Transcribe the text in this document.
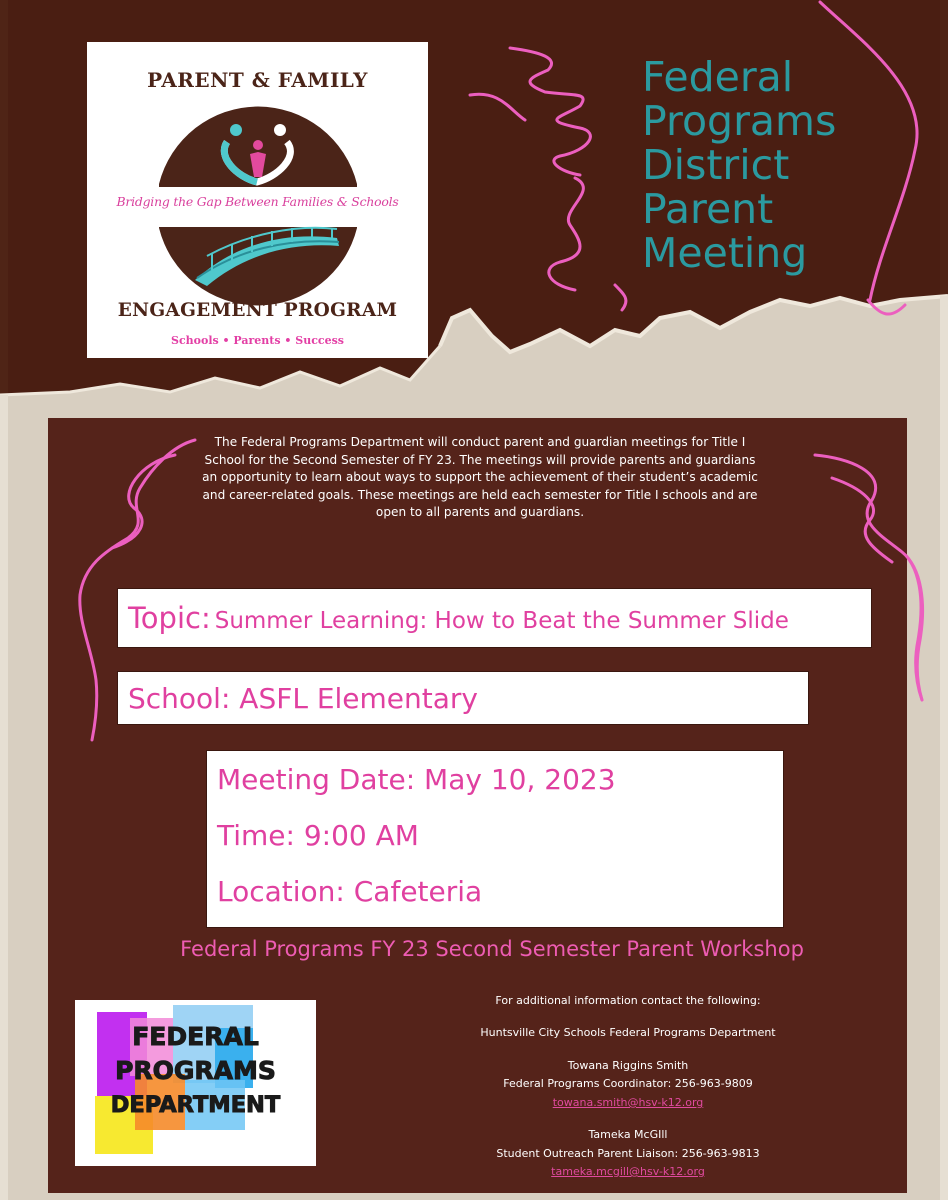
PARENT & FAMILY
Bridging the Gap Between Families & Schools
ENGAGEMENT PROGRAM
Schools • Parents • Success
Federal
Programs
District
Parent
Meeting
The Federal Programs Department will conduct parent and guardian meetings for Title I School for the Second Semester of FY 23. The meetings will provide parents and guardians an opportunity to learn about ways to support the achievement of their student’s academic and career-related goals. These meetings are held each semester for Title I schools and are open to all parents and guardians.
Topic: Summer Learning: How to Beat the Summer Slide
School: ASFL Elementary
Meeting Date: May 10, 2023
Time: 9:00 AM
Location: Cafeteria
Federal Programs FY 23 Second Semester Parent Workshop
FEDERAL
PROGRAMS
DEPARTMENT
For additional information contact the following:
Huntsville City Schools Federal Programs Department
Towana Riggins Smith
Federal Programs Coordinator: 256-963-9809
towana.smith@hsv-k12.org
Tameka McGIll
Student Outreach Parent Liaison: 256-963-9813
tameka.mcgill@hsv-k12.org
